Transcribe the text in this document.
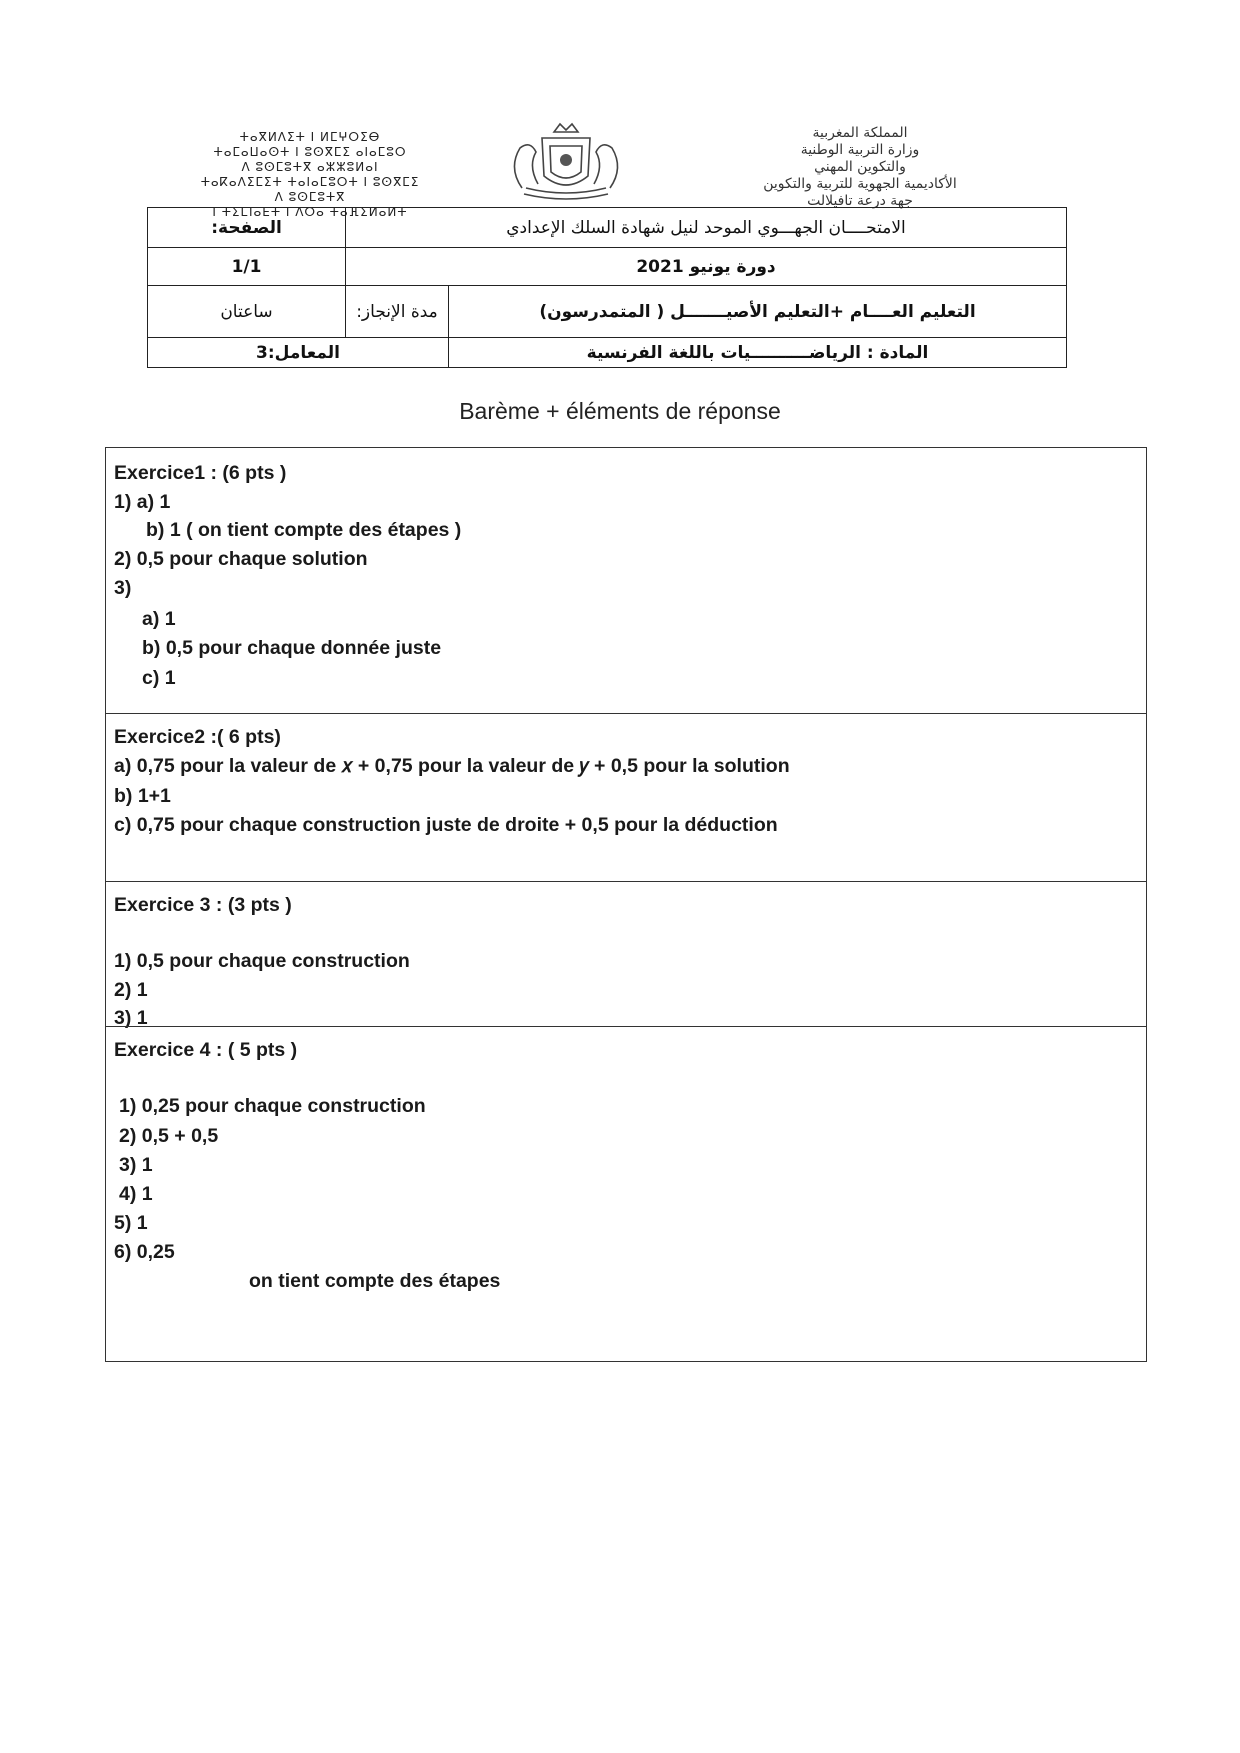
ⵜⴰⴳⵍⴷⵉⵜ ⵏ ⵍⵎⵖⵔⵉⴱ
ⵜⴰⵎⴰⵡⴰⵙⵜ ⵏ ⵓⵙⴳⵎⵉ ⴰⵏⴰⵎⵓⵔ
ⴷ ⵓⵙⵎⵓⵜⴳ ⴰⵣⵣⵓⵍⴰⵏ
ⵜⴰⴽⴰⴷⵉⵎⵉⵜ ⵜⴰⵏⴰⵎⵓⵔⵜ ⵏ ⵓⵙⴳⵎⵉ
ⴷ ⵓⵙⵎⵓⵜⴳ
ⵏ ⵜⵉⵎⵏⴰⴹⵜ ⵏ ⴷⵔⴰ ⵜⴰⴼⵉⵍⴰⵍⵜ
المملكة المغربية
وزارة التربية الوطنية
والتكوين المهني
الأكاديمية الجهوية للتربية والتكوين
جهة درعة تافيلالت
الامتحــــان الجهـــوي الموحد لنيل شهادة السلك الإعدادي		الصفحة:
دورة يونيو 2021		1/1
التعليم العــــام +التعليم الأصيـــــــل ( المتمدرسون)	مدة الإنجاز:	ساعتان
المادة : الرياضــــــــــيات باللغة الفرنسية	المعامل:3	
Barème + éléments de réponse
Exercice1 : (6 pts )
1) a) 1
b) 1 ( on tient compte des étapes )
2) 0,5 pour chaque solution
3)
a) 1
b) 0,5 pour chaque donnée juste
c) 1
Exercice2 :( 6 pts)
a) 0,75 pour la valeur de 𝑥 + 0,75 pour la valeur de 𝑦 + 0,5 pour la solution
b) 1+1
c) 0,75 pour chaque construction juste de droite + 0,5 pour la déduction
Exercice 3 : (3 pts )
1) 0,5 pour chaque construction
2) 1
3) 1
Exercice 4 : ( 5 pts )
1) 0,25 pour chaque construction
2) 0,5 + 0,5
3) 1
4) 1
5) 1
6) 0,25
on tient compte des étapes
